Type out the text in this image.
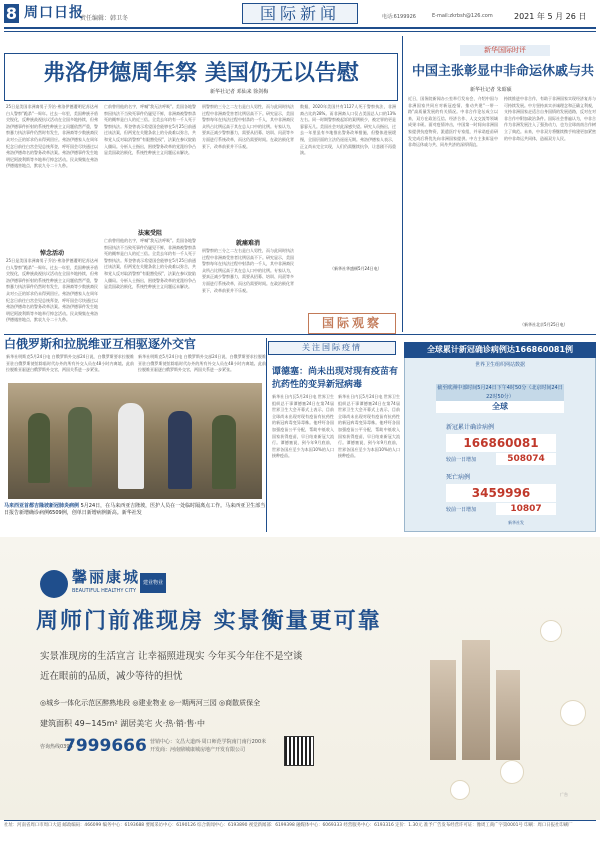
8 周口日报
责任编辑：韩卫冬	国际新闻	电话:6199926	E-mail:zkrbsh@126.com	2021 年 5 月 26 日
弗洛伊德周年祭 美国仍无以告慰
新华社记者 邓仙来 徐剑梅
25日是美国非洲裔男子乔治·弗洛伊德遭明尼苏达州白人警察"跪杀"一周年。过去一年里，美国种族矛盾尖锐化，反种族歧视抗议活动在全国多地持续，但弗洛伊德事件折射的系统性种族主义问题依然严重，警察暴力执法事件仍然时有发生，非洲裔等少数族裔民众对公正的诉求仍未得到回应。弗洛伊德家人在周年纪念日前往白宫会见总统拜登，呼吁国会尽快通过以弗洛伊德命名的警务改革法案。弗洛伊德事件发生地明尼阿波利斯等多地举行悼念活动。民众聚集在弗洛伊德遇害地点，默哀九分二十九秒。
悼念活动
25日是美国非洲裔男子乔治·弗洛伊德遭明尼苏达州白人警察"跪杀"一周年。过去一年里，美国种族矛盾尖锐化，反种族歧视抗议活动在全国多地持续，但弗洛伊德事件折射的系统性种族主义问题依然严重，警察暴力执法事件仍然时有发生，非洲裔等少数族裔民众对公正的诉求仍未得到回应。弗洛伊德家人在周年纪念日前往白宫会见总统拜登，呼吁国会尽快通过以弗洛伊德命名的警务改革法案。弗洛伊德事件发生地明尼阿波利斯等多地举行悼念活动。民众聚集在弗洛伊德遇害地点，默哀九分二十九秒。
亡前曾用他的名字，呼喊"我无法呼吸"。美国各地警察因执法不当致死事件仍屡见不鲜，非洲裔被警察杀死的概率是白人的近三倍。全美去年约有一千人死于警察执法。拜登曾表示希望国会能够在5月25日前通过该法案，但两党在关键条款上的分歧难以弥合，共和党人反对取消警察"有限豁免权"，法案在参议院陷入僵局。分析人士指出，围绕警务改革的党派纷争凸显美国政治极化，系统性种族主义问题远未解决。
法案受阻
亡前曾用他的名字，呼喊"我无法呼吸"。美国各地警察因执法不当致死事件仍屡见不鲜，非洲裔被警察杀死的概率是白人的近三倍。全美去年约有一千人死于警察执法。拜登曾表示希望国会能够在5月25日前通过该法案，但两党在关键条款上的分歧难以弥合，共和党人反对取消警察"有限豁免权"，法案在参议院陷入僵局。分析人士指出，围绕警务改革的党派纷争凸显美国政治极化，系统性种族主义问题远未解决。
刑警察的三分之二左右是白人男性，而与此同时执法过程中非洲裔受害者比例居高不下。研究显示，美国警察每年在执法过程中射杀约一千人，其中非洲裔民众所占比例远高于其在总人口中的比例。专家认为，要真正减少警察暴力，需要从招募、培训、问责等多方面进行系统改革，而这仍需要时间。在政治极化背景下，改革前景并不乐观。
就痛难消
刑警察的三分之二左右是白人男性，而与此同时执法过程中非洲裔受害者比例居高不下。研究显示，美国警察每年在执法过程中射杀约一千人，其中非洲裔民众所占比例远高于其在总人口中的比例。专家认为，要真正减少警察暴力，需要从招募、培训、问责等多方面进行系统改革，而这仍需要时间。在政治极化背景下，改革前景并不乐观。
数据，2020年美国共有1127人死于警察执法，非洲裔占比约28%。而非洲裔人口仅占美国总人口的13%左右。同一时期警察被起诉的案例极少，被定罪的更是寥寥无几。美国社会对此深感失望。研究人员指出，过去一年里虽有多地推出警务改革措施，但整体进展缓慢，全国层面的立法仍遥遥无期。弗洛伊德家人表示，正义尚未完全实现，人们仍需继续抗争，让悲剧不再重演。
（新华社华盛顿5月24日电）
国际观察
新华国际时评
中国主张彰显中非命运休戚与共
新华社记者 朱昭硕
近日，国务院新闻办公室举行发布会，介绍中国与非洲国家共同应对新冠疫情、推动共建"一带一路"高质量发展的有关情况。中非合作论坛成立以来，双方在政治互信、经济合作、人文交流等领域成果丰硕。面对疫情冲击，中国第一时间向非洲国家提供抗疫物资，派遣医疗专家组，并承诺疫苗研发完成后将优先向非洲国家提供。中方主张彰显中非命运休戚与共、同舟共济的深厚情谊。
持续推进中非合作，有助于非洲国家实现经济复苏与可持续发展。中方坚持真实亲诚理念和正确义利观，支持非洲国家走适合自身国情的发展道路，反对在对非合作中附加政治条件。国际社会普遍认为，中非合作为非洲发展注入了强劲动力，也为全球南南合作树立了典范。未来，中非双方将继续携手构建更加紧密的中非命运共同体，造福双方人民。
（新华社北京5月25日电）
白俄罗斯和拉脱维亚互相驱逐外交官
新华社明斯克5月24日电 白俄罗斯外交部24日说，白俄罗斯要求拉脱维亚驻白俄罗斯使馆除临时代办外的所有外交人员在48小时内离境。此前拉脱维亚驱逐白俄罗斯外交官，两国关系进一步紧张。
新华社明斯克5月24日电 白俄罗斯外交部24日说，白俄罗斯要求拉脱维亚驻白俄罗斯使馆除临时代办外的所有外交人员在48小时内离境。此前拉脱维亚驱逐白俄罗斯外交官，两国关系进一步紧张。
马来西亚首都吉隆坡新冠肺炎病例 5月24日，在马来西亚吉隆坡，医护人员在一处临时隔离点工作。马来西亚卫生部当日报告新增确诊病例6509例，创单日新增病例新高。新华社发
关注国际疫情
谭德塞：尚未出现对现有疫苗有抗药性的变异新冠病毒
新华社日内瓦5月24日电 世界卫生组织总干事谭德塞24日在第74届世界卫生大会开幕式上表示，目前全球尚未出现对现有疫苗有抗药性的新冠病毒变异毒株。他呼吁各国加强疫苗公平分配，帮助中低收入国家获得疫苗，早日结束新冠大流行。谭德塞说，到今年9月底前，世界各国应至少为本国10%的人口接种疫苗。
新华社日内瓦5月24日电 世界卫生组织总干事谭德塞24日在第74届世界卫生大会开幕式上表示，目前全球尚未出现对现有疫苗有抗药性的新冠病毒变异毒株。他呼吁各国加强疫苗公平分配，帮助中低收入国家获得疫苗，早日结束新冠大流行。谭德塞说，到今年9月底前，世界各国应至少为本国10%的人口接种疫苗。
全球累计新冠确诊病例达166860081例
世界卫生组织网站数据
截至欧洲中部时间5月24日下午4时50分（北京时间24日22时50分）
全球
新冠累计确诊病例
166860081
较前一日增加	508074
死亡病例
3459996
较前一日增加	10807
新华社发
馨丽康城
BEAUTIFUL HEALTHY CITY
建业物业
周师门前准现房 实景衡量更可靠
实景准现房的生活宣言 让幸福照进现实 今年买今年住不是空谈
近在眼前的品质，减少等待的担忧
◎城乡一体化示范区醉熟地段 ◎建业物业 ◎一期两河三园 ◎商散质保全
建筑面积 49~145m² 湖居美宅 火·热·销·售·中
咨询热线0394
7999666 营销中心：文昌大道西·周口师范学院南门南行200米
开发商：河南鼎城康城房地产开发有限公司
广告
社址：河南省周口市周口大道 邮政编码：466099 编务中心：6193688 要闻采访中心：6190126 综合新闻中心：6193890 视觉新闻部：6199398 融媒体中心：6069333 经营服务中心：6193316 定价：1.30元 准予广告发布经营许可证：豫周工商广字第0001号 印刷：周口日报社印刷厂
